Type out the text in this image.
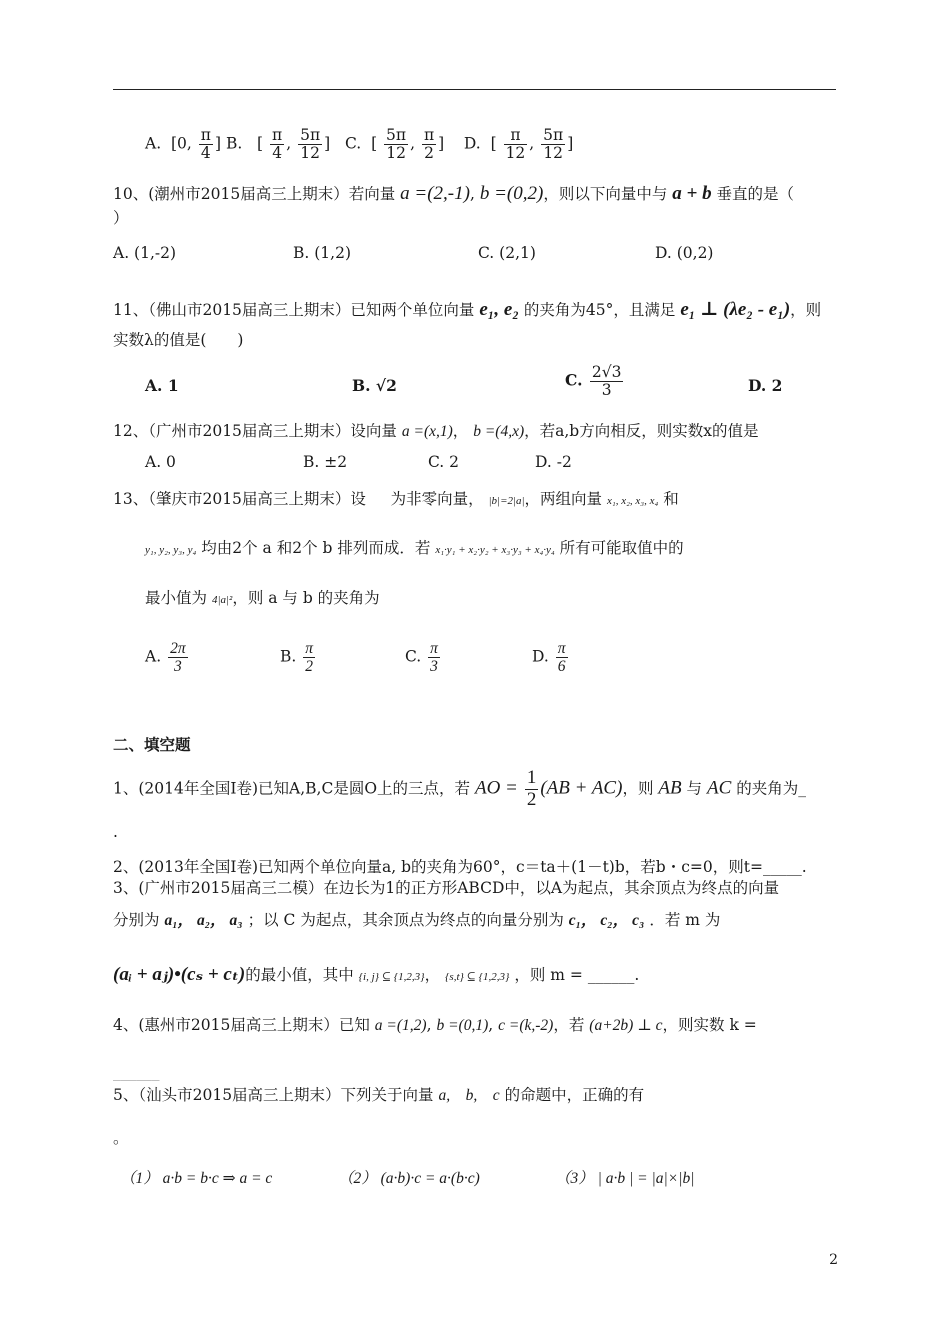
A. [0, $\frac{\pi}{4}$ ] B. [ $\frac{\pi}{4}$ , $\frac{5\pi}{12}$ ]   C.  [ $\frac{5\pi}{12}$ , $\frac{\pi}{2}$ ]    D.  [ $\frac{\pi}{12}$ , $\frac{5\pi}{12}$ ]
10、(潮州市2015届高三上期末）若向量 a =(2,-1), b =(0,2)，则以下向量中与 a + b 垂直的是（
）
A. (1,-2)	B. (1,2)	C. (2,1)	D. (0,2)
11、（佛山市2015届高三上期末）已知两个单位向量 e₁, e₂ 的夹角为45°，且满足 e₁ ⊥ (λe₂ - e₁)，则
实数λ的值是(　　)
A. 1	B. √2	C. $\frac{2√3}{3}$	D. 2
12、（广州市2015届高三上期末）设向量 a =(x,1)， b =(4,x)，若a,b方向相反，则实数x的值是
A. 0	B. ±2	C. 2	D. -2
13、（肇庆市2015届高三上期末）设 为非零向量， |b|=2|a|，两组向量 x₁, x₂, x₃, x₄ 和
y₁, y₂, y₃, y₄ 均由2个 a 和2个 b 排列而成．若 x₁·y₁ + x₂·y₂ + x₃·y₃ + x₄·y₄ 所有可能取值中的
最小值为 4|a|²，则 a 与 b 的夹角为
A. $\frac{2\pi}{3}$	B. $\frac{\pi}{2}$	C. $\frac{\pi}{3}$	D. $\frac{\pi}{6}$
二、填空题
1、(2014年全国Ⅰ卷)已知A,B,C是圆O上的三点，若 AO = $\frac{1}{2} (AB + AC)$，则 AB 与 AC 的夹角为_
.
2、(2013年全国Ⅰ卷)已知两个单位向量a, b的夹角为60°，c＝ta＋(1－t)b，若b・c=0，则t=_____.
3、(广州市2015届高三二模）在边长为1的正方形ABCD中，以A为起点，其余顶点为终点的向量
分别为 a₁， a₂， a₃ ；以 C 为起点，其余顶点为终点的向量分别为 c₁， c₂， c₃ ．若 m 为
(aᵢ + aⱼ)•(cₛ + cₜ)的最小值，其中 {i, j} ⊆ {1,2,3}， {s,t} ⊆ {1,2,3} ，则 m = ______.
4、(惠州市2015届高三上期末）已知 a =(1,2), b =(0,1), c =(k,-2)，若 (a+2b) ⊥ c，则实数 k =
______
5、（汕头市2015届高三上期末）下列关于向量 a,　b,　c 的命题中，正确的有
。
（1） a·b = b·c ⇒ a = c	（2） (a·b)·c = a·(b·c)	（3） | a·b | = |a|×|b|
2
